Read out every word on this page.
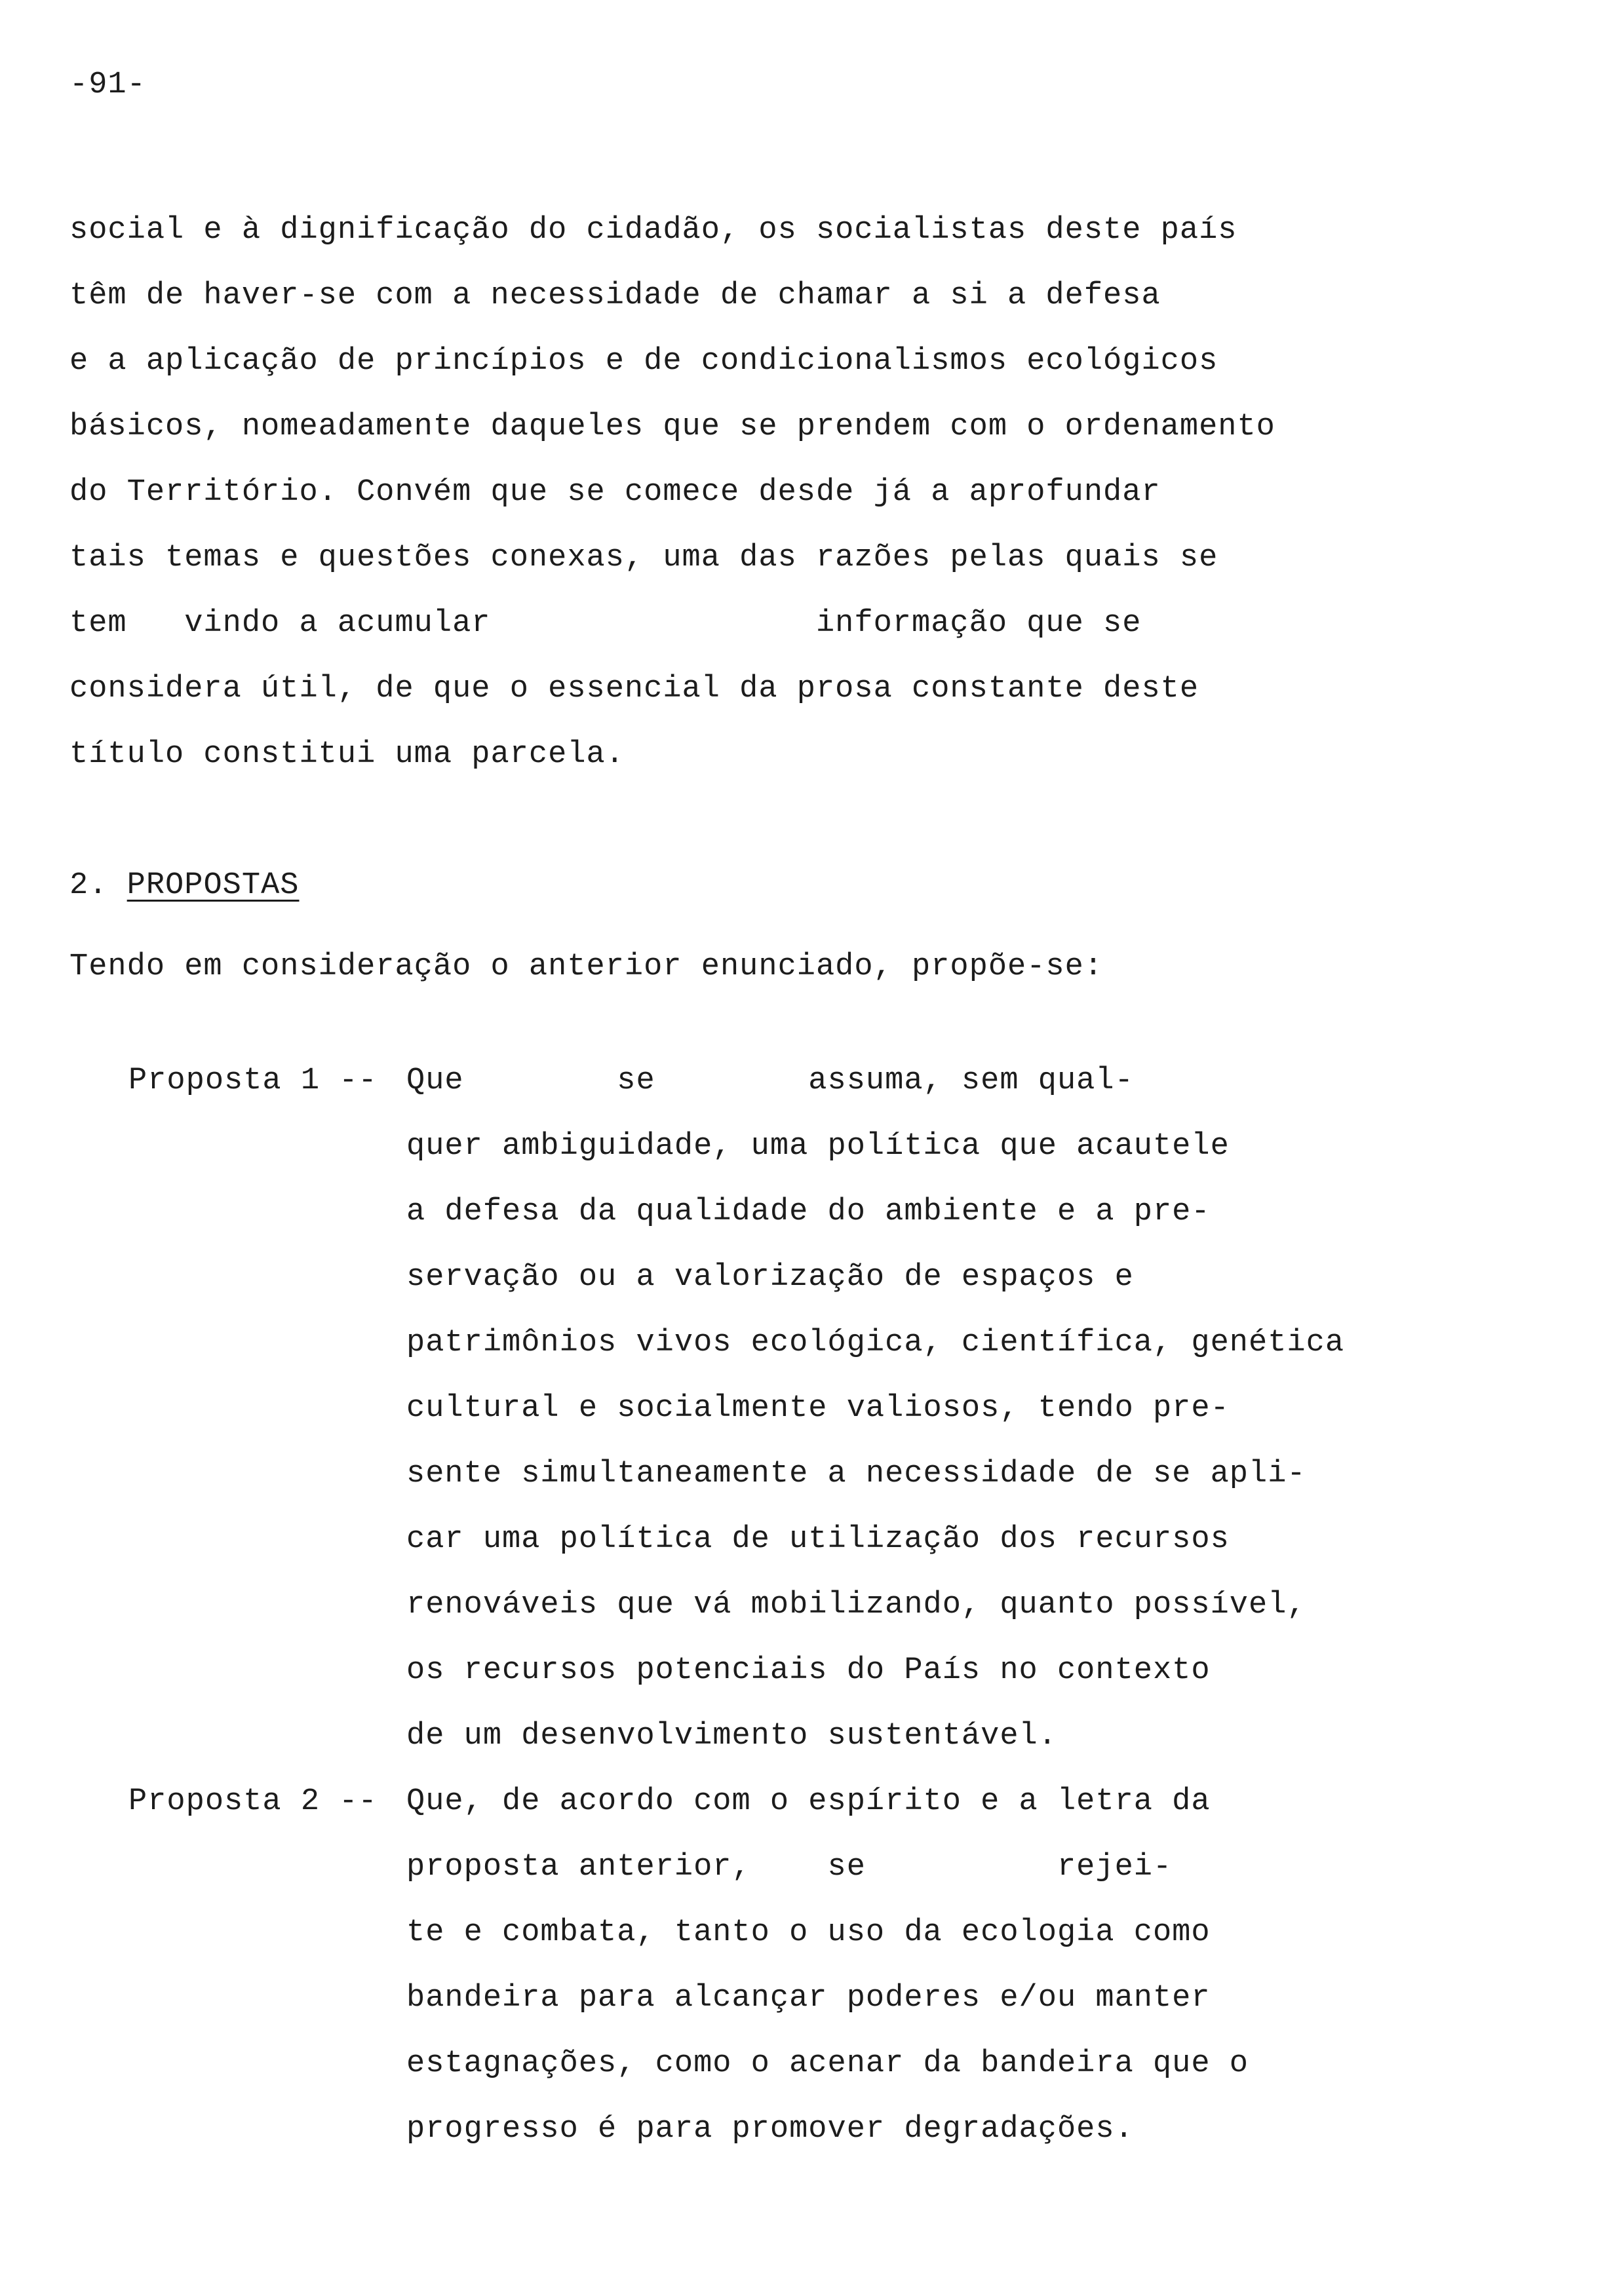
-91-
social e à dignificação do cidadão, os socialistas deste país
têm de haver-se com a necessidade de chamar a si a defesa
e a aplicação de princípios e de condicionalismos ecológicos
básicos, nomeadamente daqueles que se prendem com o ordenamento
do Território. Convém que se comece desde já a aprofundar
tais temas e questões conexas, uma das razões pelas quais se
tem   vindo a acumular                 informação que se
considera útil, de que o essencial da prosa constante deste
título constitui uma parcela.
2. PROPOSTAS
Tendo em consideração o anterior enunciado, propõe-se:
Proposta 1 -- Que        se        assuma, sem qual-
quer ambiguidade, uma política que acautele
a defesa da qualidade do ambiente e a pre-
servação ou a valorização de espaços e
patrimônios vivos ecológica, científica, genética
cultural e socialmente valiosos, tendo pre-
sente simultaneamente a necessidade de se apli-
car uma política de utilização dos recursos
renováveis que vá mobilizando, quanto possível,
os recursos potenciais do País no contexto
de um desenvolvimento sustentável.
Proposta 2 -- Que, de acordo com o espírito e a letra da
proposta anterior,    se          rejei-
te e combata, tanto o uso da ecologia como
bandeira para alcançar poderes e/ou manter
estagnações, como o acenar da bandeira que o
progresso é para promover degradações.
